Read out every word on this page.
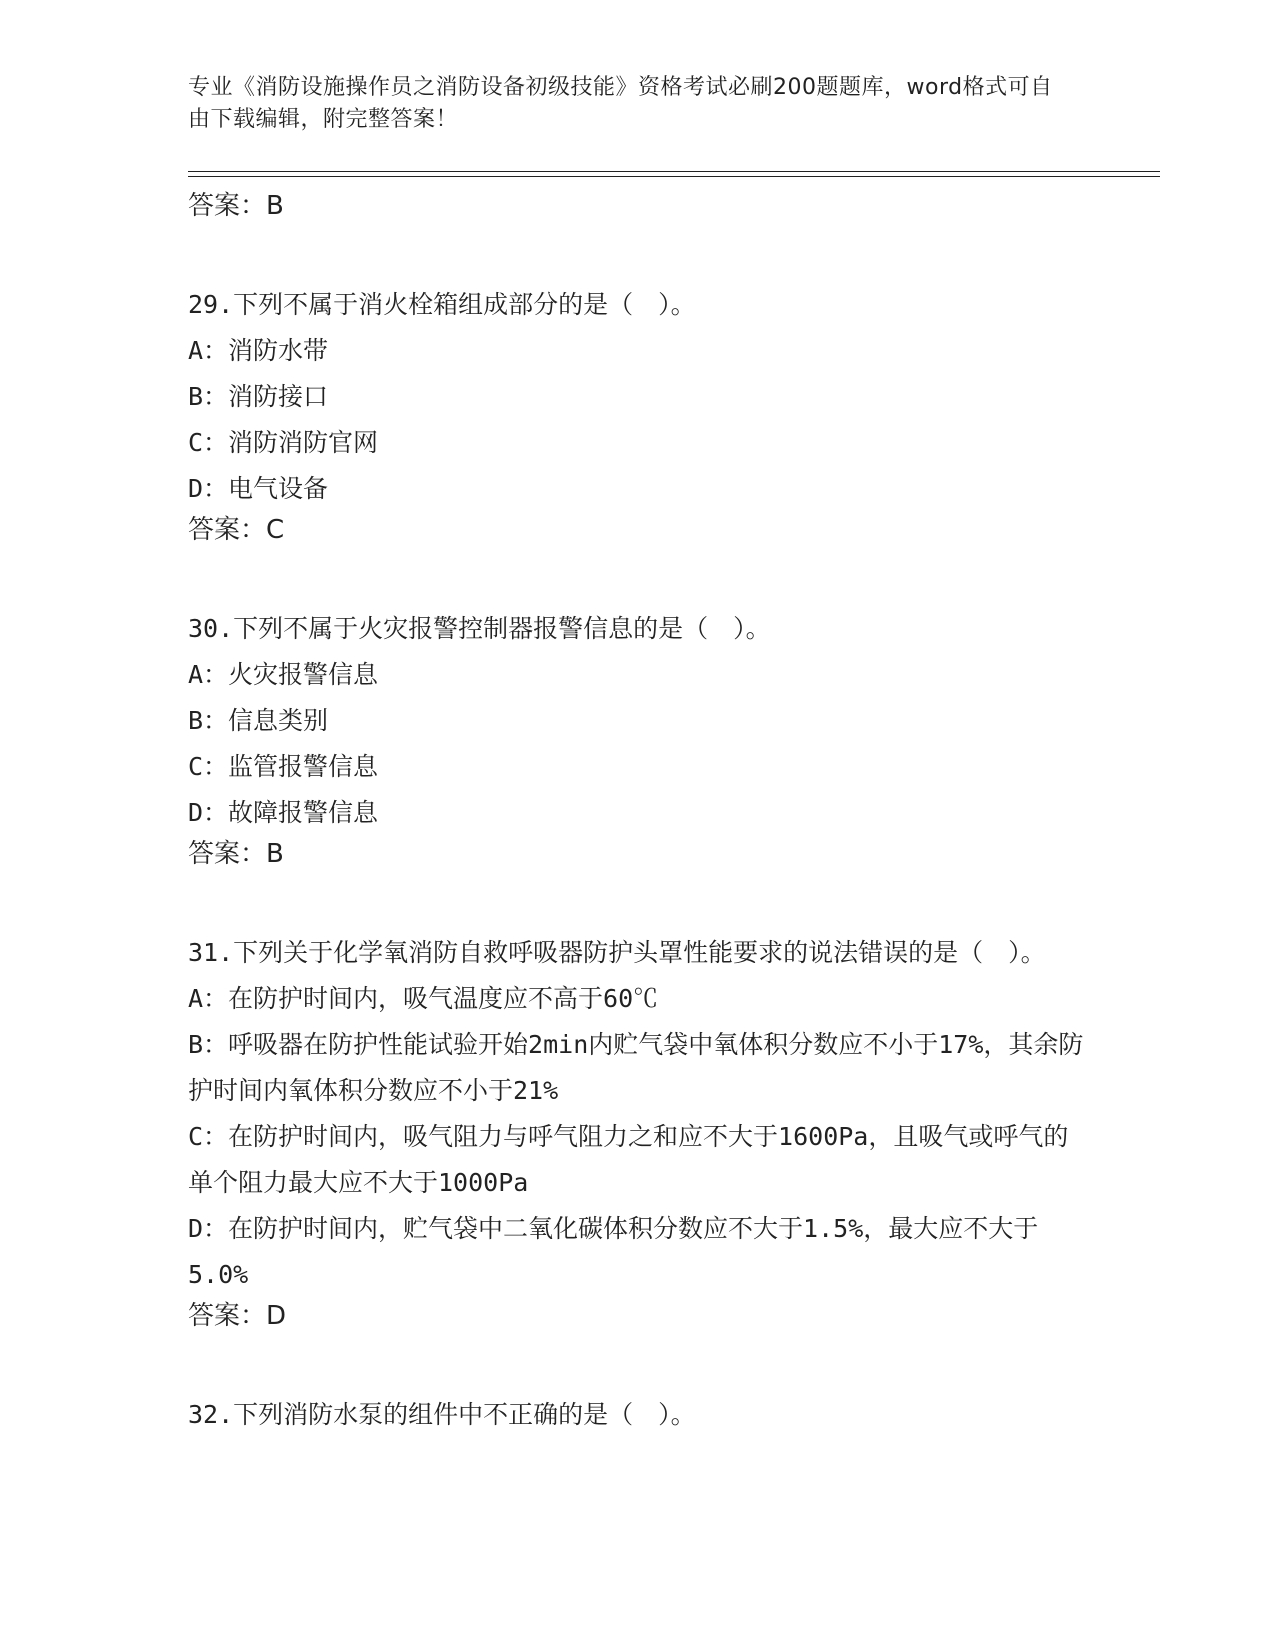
专业《消防设施操作员之消防设备初级技能》资格考试必刷200题题库，word格式可自由下载编辑，附完整答案！
答案：B

29.下列不属于消火栓箱组成部分的是（　）。

A：消防水带

B：消防接口

C：消防消防官网

D：电气设备

答案：C

30.下列不属于火灾报警控制器报警信息的是（　）。

A：火灾报警信息

B：信息类别

C：监管报警信息

D：故障报警信息

答案：B

31.下列关于化学氧消防自救呼吸器防护头罩性能要求的说法错误的是（　）。

A：在防护时间内，吸气温度应不高于60℃

B：呼吸器在防护性能试验开始2min内贮气袋中氧体积分数应不小于17%，其余防护时间内氧体积分数应不小于21%

C：在防护时间内，吸气阻力与呼气阻力之和应不大于1600Pa，且吸气或呼气的单个阻力最大应不大于1000Pa

D：在防护时间内，贮气袋中二氧化碳体积分数应不大于1.5%，最大应不大于5.0%

答案：D

32.下列消防水泵的组件中不正确的是（　）。
